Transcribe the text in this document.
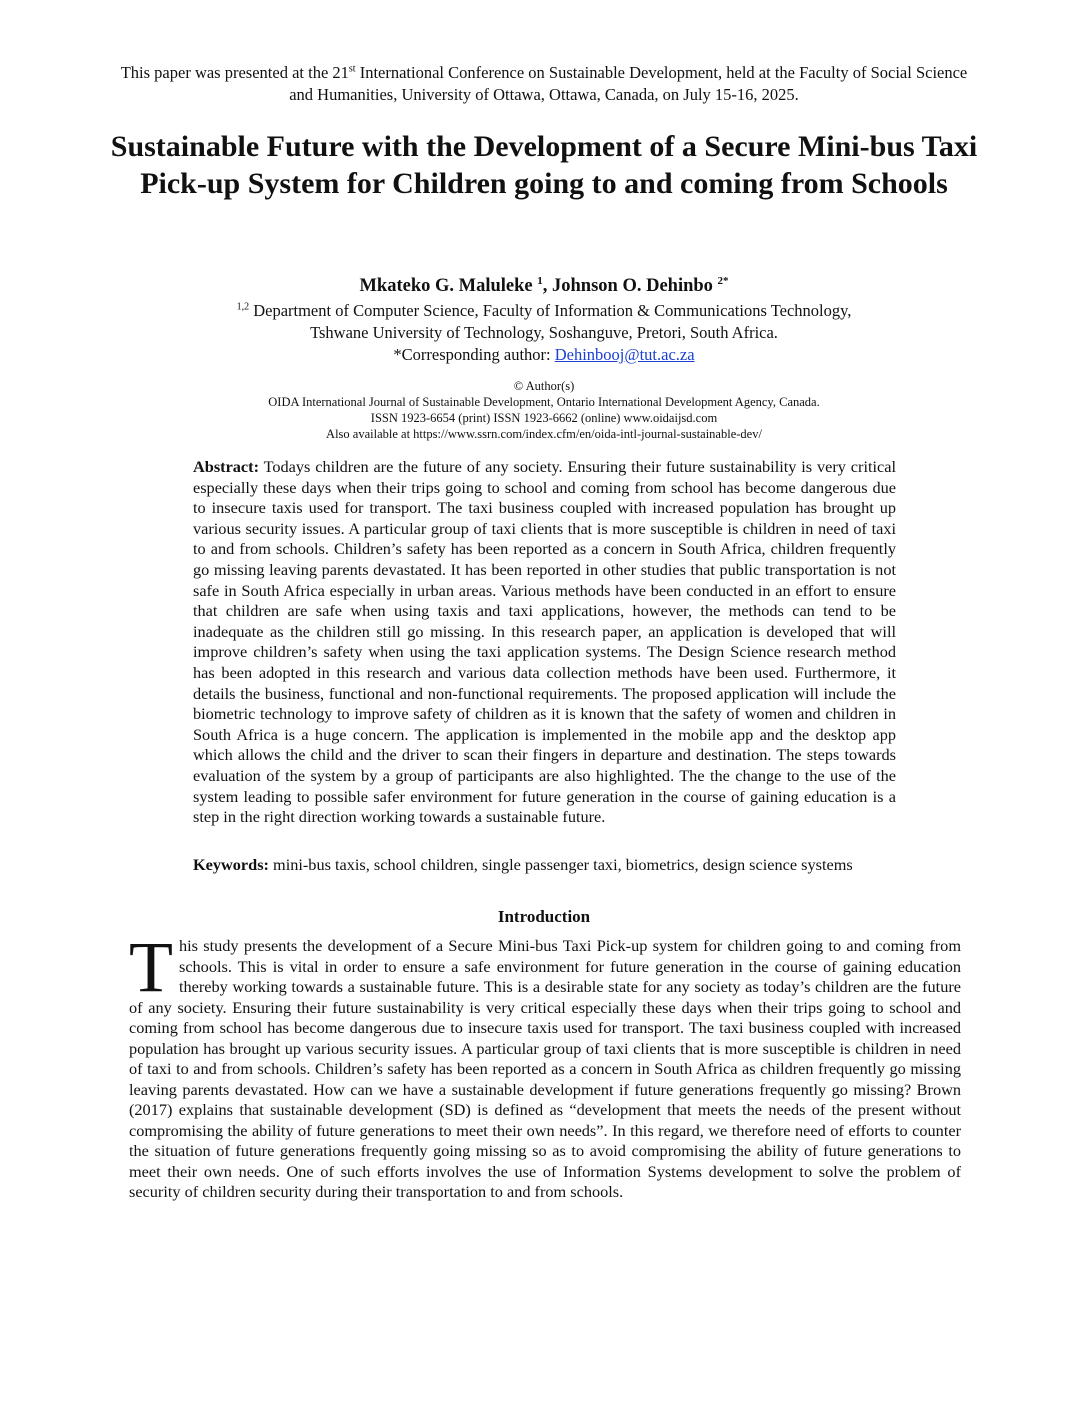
This paper was presented at the 21st International Conference on Sustainable Development, held at the Faculty of Social Science and Humanities, University of Ottawa, Ottawa, Canada, on July 15-16, 2025.
Sustainable Future with the Development of a Secure Mini-bus Taxi Pick-up System for Children going to and coming from Schools
Mkateko G. Maluleke $^1$, Johnson O. Dehinbo $^{2*}$
$^{1,2}$ Department of Computer Science, Faculty of Information & Communications Technology,
Tshwane University of Technology, Soshanguve, Pretori, South Africa.
*Corresponding author: Dehinbooj@tut.ac.za
© Author(s)
OIDA International Journal of Sustainable Development, Ontario International Development Agency, Canada.
ISSN 1923-6654 (print) ISSN 1923-6662 (online) www.oidaijsd.com
Also available at https://www.ssrn.com/index.cfm/en/oida-intl-journal-sustainable-dev/

Abstract: Todays children are the future of any society. Ensuring their future sustainability is very critical especially these days when their trips going to school and coming from school has become dangerous due to insecure taxis used for transport. The taxi business coupled with increased population has brought up various security issues. A particular group of taxi clients that is more susceptible is children in need of taxi to and from schools. Children’s safety has been reported as a concern in South Africa, children frequently go missing leaving parents devastated. It has been reported in other studies that public transportation is not safe in South Africa especially in urban areas. Various methods have been conducted in an effort to ensure that children are safe when using taxis and taxi applications, however, the methods can tend to be inadequate as the children still go missing. In this research paper, an application is developed that will improve children’s safety when using the taxi application systems. The Design Science research method has been adopted in this research and various data collection methods have been used. Furthermore, it details the business, functional and non-functional requirements. The proposed application will include the biometric technology to improve safety of children as it is known that the safety of women and children in South Africa is a huge concern. The application is implemented in the mobile app and the desktop app which allows the child and the driver to scan their fingers in departure and destination. The steps towards evaluation of the system by a group of participants are also highlighted. The the change to the use of the system leading to possible safer environment for future generation in the course of gaining education is a step in the right direction working towards a sustainable future.

Keywords: mini-bus taxis, school children, single passenger taxi, biometrics, design science systems

Introduction

This study presents the development of a Secure Mini-bus Taxi Pick-up system for children going to and coming from schools. This is vital in order to ensure a safe environment for future generation in the course of gaining education thereby working towards a sustainable future. This is a desirable state for any society as today’s children are the future of any society. Ensuring their future sustainability is very critical especially these days when their trips going to school and coming from school has become dangerous due to insecure taxis used for transport. The taxi business coupled with increased population has brought up various security issues. A particular group of taxi clients that is more susceptible is children in need of taxi to and from schools. Children’s safety has been reported as a concern in South Africa as children frequently go missing leaving parents devastated. How can we have a sustainable development if future generations frequently go missing? Brown (2017) explains that sustainable development (SD) is defined as “development that meets the needs of the present without compromising the ability of future generations to meet their own needs”. In this regard, we therefore need of efforts to counter the situation of future generations frequently going missing so as to avoid compromising the ability of future generations to meet their own needs. One of such efforts involves the use of Information Systems development to solve the problem of security of children security during their transportation to and from schools.
